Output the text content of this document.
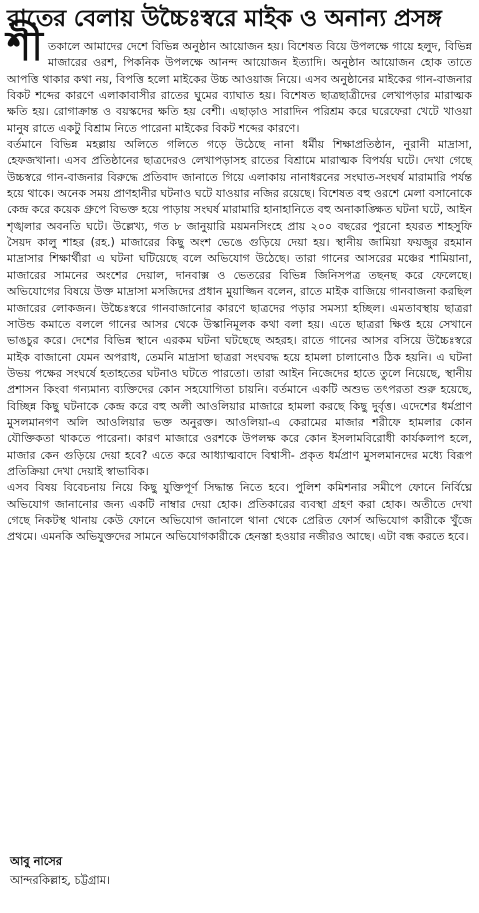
রাতের বেলায় উচ্চৈঃস্বরে মাইক ও অনান্য প্রসঙ্গ
শী তকালে আমাদের দেশে বিভিন্ন অনুষ্ঠান আয়োজন হয়। বিশেষত বিয়ে উপলক্ষে গায়ে হলুদ, বিভিন্ন মাজারের ওরশ, পিকনিক উপলক্ষে আনন্দ আয়োজন ইত্যাদি। অনুষ্ঠান আয়োজন হোক তাতে আপত্তি থাকার কথা নয়, বিপত্তি হলো মাইকের উচ্চ আওয়াজ নিয়ে। এসব অনুষ্ঠানের মাইকের গান-বাজনার বিকট শব্দের কারণে এলাকাবাসীর রাতের ঘুমের ব্যাঘাত হয়। বিশেষত ছাত্রছাত্রীদের লেখাপড়ার মারাত্মক ক্ষতি হয়। রোগাক্রান্ত ও বয়স্কদের ক্ষতি হয় বেশী। এছাড়াও সারাদিন পরিশ্রম করে ঘরেফেরা খেটে খাওয়া মানুষ রাতে একটু বিশ্রাম নিতে পারেনা মাইকের বিকট শব্দের কারণে।

বর্তমানে বিভিন্ন মহল্লায় অলিতে গলিতে গড়ে উঠেছে নানা ধর্মীয় শিক্ষাপ্রতিষ্ঠান, নুরানী মাদ্রাসা, হেফজখানা। এসব প্রতিষ্ঠানের ছাত্রদেরও লেখাপড়াসহ রাতের বিশ্রামে মারাত্মক বিপর্যয় ঘটে। দেখা গেছে উচ্চস্বরে গান-বাজনার বিরুদ্ধে প্রতিবাদ জানাতে গিয়ে এলাকায় নানাধরনের সংঘাত-সংঘর্ষ মারামারি পর্যন্ত হয়ে থাকে। অনেক সময় প্রাণহানীর ঘটনাও ঘটে যাওয়ার নজির রয়েছে। বিশেষত বহু ওরশে মেলা বসানোকে কেন্দ্র করে কয়েক গ্রুপে বিভক্ত হয়ে পাড়ায় সংঘর্ষ মারামারি হানাহানিতে বহু অনাকাঙ্ক্ষিত ঘটনা ঘটে, আইন শৃঙ্খলার অবনতি ঘটে। উল্লেখ্য, গত ৮ জানুয়ারি ময়মনসিংহে প্রায় ২০০ বছরের পুরনো হযরত শাহসুফি সৈয়দ কালু শাহর (রহ.) মাজারের কিছু অংশ ভেঙে গুড়িয়ে দেয়া হয়। স্থানীয় জামিয়া ফয়জুর রহমান মাদ্রাসার শিক্ষার্থীরা এ ঘটনা ঘটিয়েছে বলে অভিযোগ উঠেছে। তারা গানের আসরের মঞ্চের শামিয়ানা, মাজারের সামনের অংশের দেয়াল, দানবাক্স ও ভেতরের বিভিন্ন জিনিসপত্র তছনছ করে ফেলেছে। অভিযোগের বিষয়ে উক্ত মাদ্রাসা মসজিদের প্রধান মুয়াজ্জিন বলেন, রাতে মাইক বাজিয়ে গানবাজনা করছিল মাজারের লোকজন। উচ্চৈঃস্বরে গানবাজানোর কারণে ছাত্রদের পড়ার সমস্যা হচ্ছিল। এমতাবস্থায় ছাত্ররা সাউন্ড কমাতে বললে গানের আসর থেকে উস্কানিমূলক কথা বলা হয়। এতে ছাত্ররা ক্ষিপ্ত হয়ে সেখানে ভাঙচুর করে। দেশের বিভিন্ন স্থানে এরকম ঘটনা ঘটছেছে অহরহ। রাতে গানের আসর বসিয়ে উচ্চৈঃস্বরে মাইক বাজানো যেমন অপরাধ, তেমনি মাদ্রাসা ছাত্ররা সংঘবদ্ধ হয়ে হামলা চালানোও ঠিক হয়নি। এ ঘটনা উভয় পক্ষের সংঘর্ষে হতাহতের ঘটনাও ঘটতে পারতো। তারা আইন নিজেদের হাতে তুলে নিয়েছে, স্থানীয় প্রশাসন কিংবা গন্যমান্য ব্যক্তিদের কোন সহযোগিতা চায়নি। বর্তমানে একটি অশুভ তৎপরতা শুরু হয়েছে, বিচ্ছিন্ন কিছু ঘটনাকে কেন্দ্র করে বহু অলী আওলিয়ার মাজারে হামলা করছে কিছু দুর্বৃত্ত। এদেশের ধর্মপ্রাণ মুসলমানগণ অলি আওলিয়ার ভক্ত অনুরক্ত। আওলিয়া-এ কেরামের মাজার শরীফে হামলার কোন যৌক্তিকতা থাকতে পারেনা। কারণ মাজারে ওরশকে উপলক্ষ করে কোন ইসলামবিরোধী কার্যকলাপ হলে, মাজার কেন গুড়িয়ে দেয়া হবে? এতে করে আধ্যাত্মবাদে বিশ্বাসী- প্রকৃত ধর্মপ্রাণ মুসলমানদের মধ্যে বিরূপ প্রতিক্রিয়া দেখা দেয়াই স্বাভাবিক।

এসব বিষয় বিবেচনায় নিয়ে কিছু যুক্তিপূর্ণ সিদ্ধান্ত নিতে হবে। পুলিশ কমিশনার সমীপে ফোনে নির্বিঘ্নে অভিযোগ জানানোর জন্য একটি নাম্বার দেয়া হোক। প্রতিকারের ব্যবস্থা গ্রহণ করা হোক। অতীতে দেখা গেছে নিকটস্থ থানায় কেউ ফোনে অভিযোগ জানালে থানা থেকে প্রেরিত ফোর্স অভিযোগ কারীকে খুঁজে প্রথমে। এমনকি অভিযুক্তদের সামনে অভিযোগকারীকে হেনস্তা হওয়ার নজীরও আছে। এটা বন্ধ করতে হবে।

আবু নাসের
আন্দরকিল্লাহ, চট্টগ্রাম।
